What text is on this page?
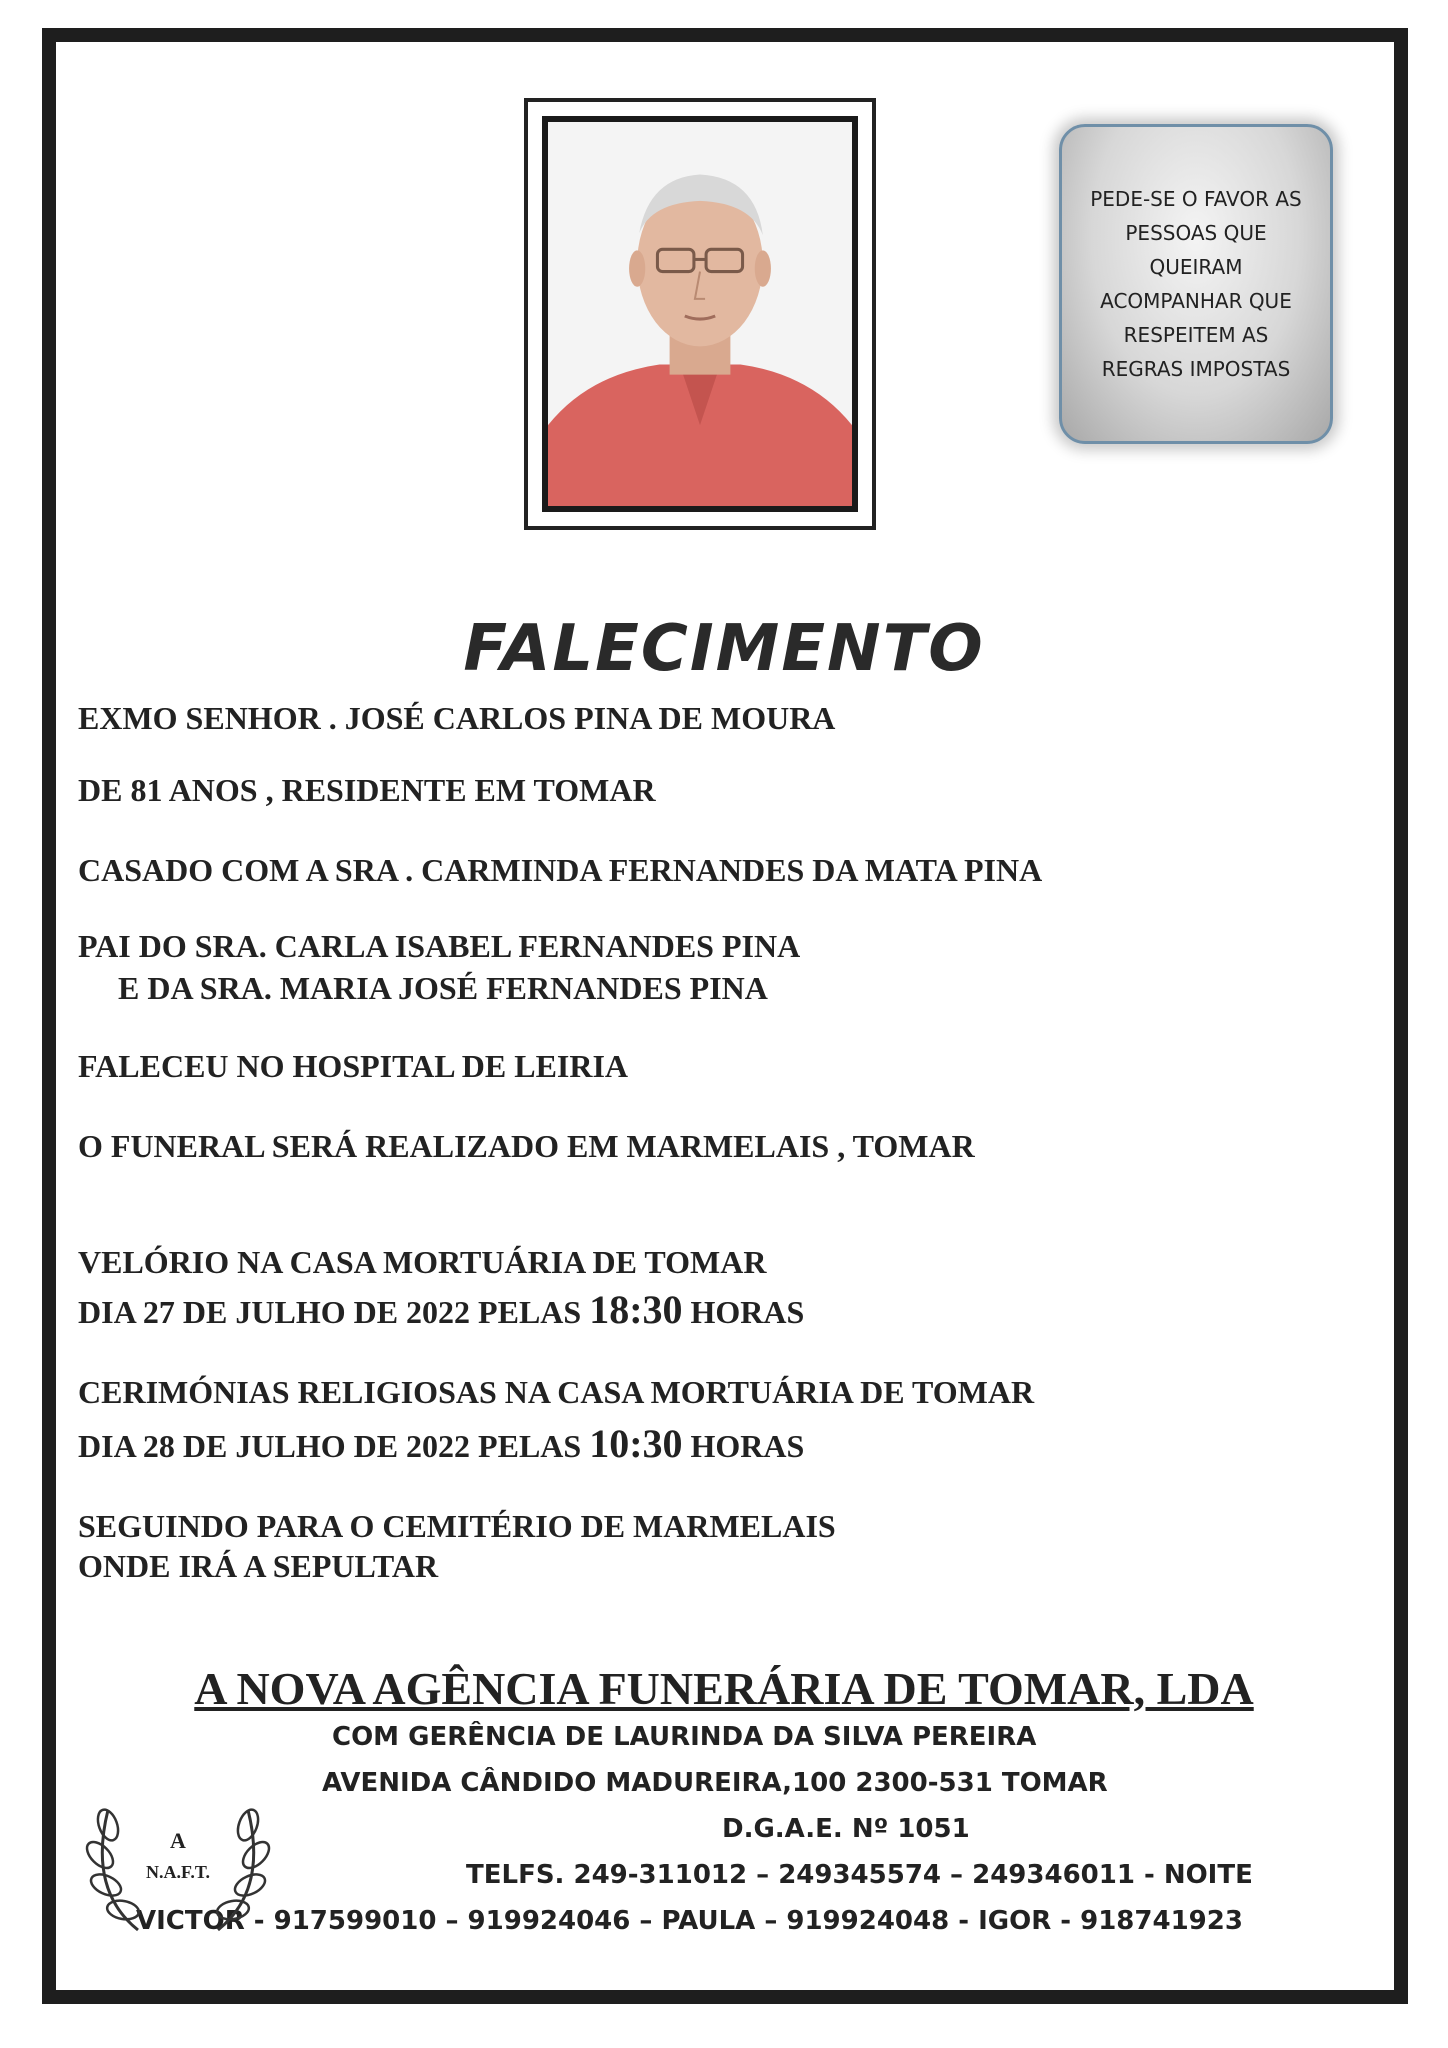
PEDE-SE O FAVOR AS
PESSOAS QUE
QUEIRAM
ACOMPANHAR QUE
RESPEITEM AS
REGRAS IMPOSTAS
FALECIMENTO
EXMO SENHOR . JOSÉ CARLOS PINA DE MOURA
DE 81 ANOS , RESIDENTE EM TOMAR
CASADO COM A SRA . CARMINDA FERNANDES DA MATA PINA
PAI DO SRA. CARLA ISABEL FERNANDES PINA
E DA SRA. MARIA JOSÉ FERNANDES PINA
FALECEU NO HOSPITAL DE LEIRIA
O FUNERAL SERÁ REALIZADO EM MARMELAIS , TOMAR
VELÓRIO NA CASA MORTUÁRIA DE TOMAR
DIA 27 DE JULHO DE 2022 PELAS 18:30 HORAS
CERIMÓNIAS RELIGIOSAS NA CASA MORTUÁRIA DE TOMAR
DIA 28 DE JULHO DE 2022 PELAS 10:30 HORAS
SEGUINDO PARA O CEMITÉRIO DE MARMELAIS
ONDE IRÁ A SEPULTAR
A NOVA AGÊNCIA FUNERÁRIA DE TOMAR, LDA
COM GERÊNCIA DE LAURINDA DA SILVA PEREIRA
AVENIDA CÂNDIDO MADUREIRA,100 2300-531 TOMAR
D.G.A.E. Nº 1051
TELFS. 249-311012 – 249345574 – 249346011 - NOITE
VICTOR - 917599010 – 919924046 – PAULA – 919924048 - IGOR - 918741923
A
N.A.F.T.
